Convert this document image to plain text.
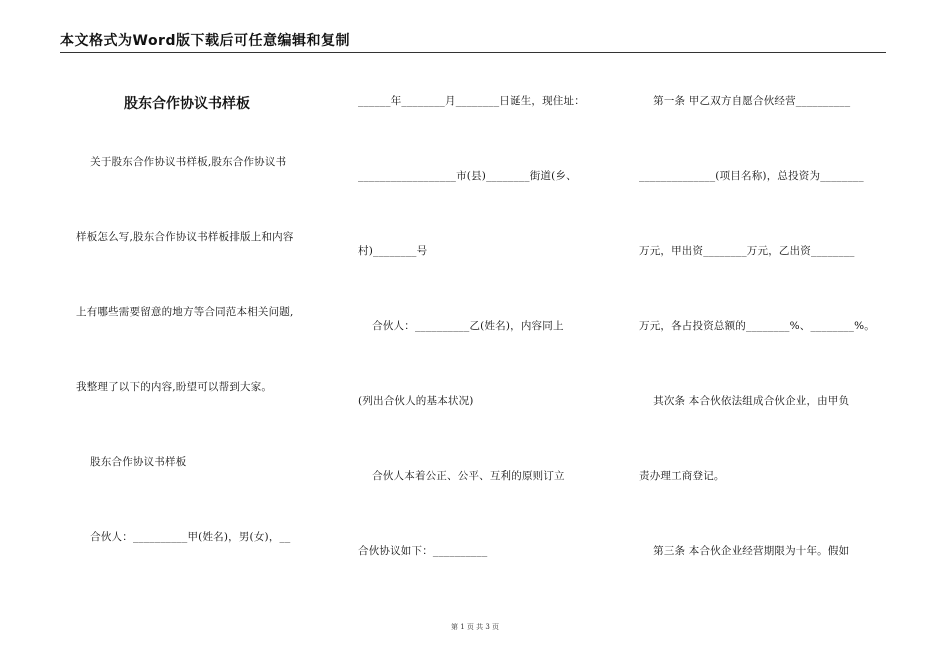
本文格式为Word版下载后可任意编辑和复制
股东合作协议书样板
关于股东合作协议书样板,股东合作协议书
样板怎么写,股东合作协议书样板排版上和内容
上有哪些需要留意的地方等合同范本相关问题,
我整理了以下的内容,盼望可以帮到大家。
股东合作协议书样板
合伙人：__________甲(姓名)，男(女)，__
______年________月________日诞生，现住址：
__________________市(县)________街道(乡、
村)________号
合伙人：__________乙(姓名)，内容同上
(列出合伙人的基本状况)
合伙人本着公正、公平、互利的原则订立
合伙协议如下：__________
第一条 甲乙双方自愿合伙经营__________
______________(项目名称)，总投资为________
万元，甲出资________万元，乙出资________
万元，各占投资总额的________%、________%。
其次条 本合伙依法组成合伙企业，由甲负
责办理工商登记。
第三条 本合伙企业经营期限为十年。假如
第 1 页 共 3 页
